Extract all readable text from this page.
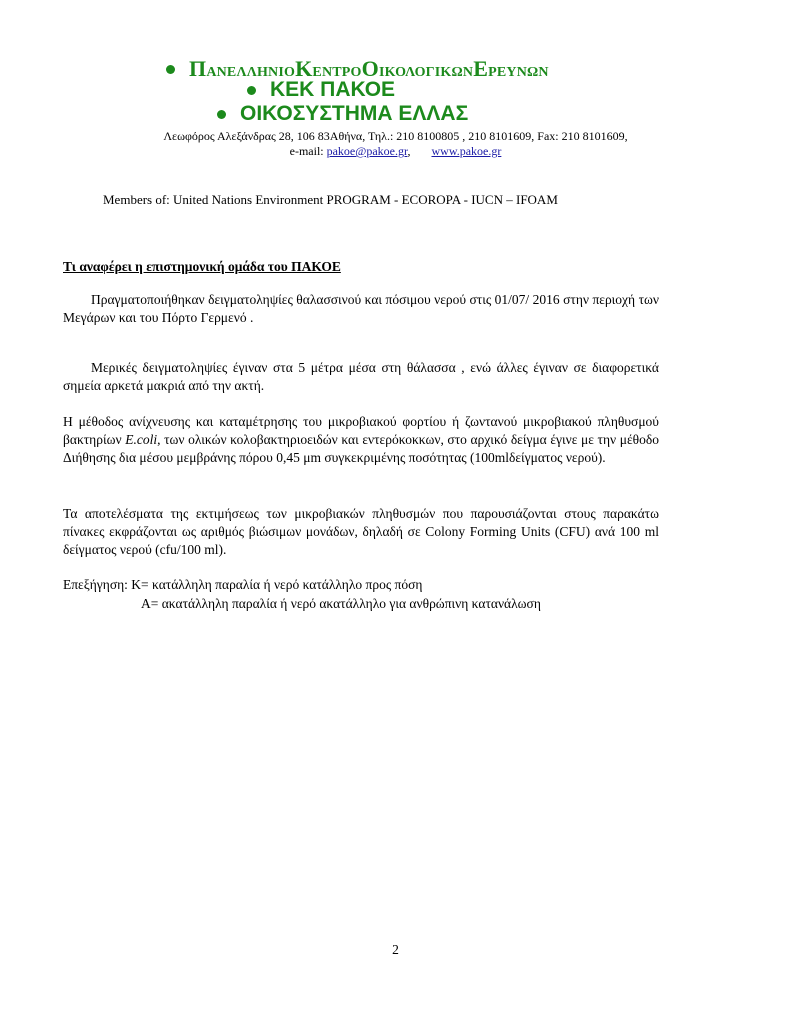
ΠΑΝΕΛΛΗΝΙΟΚΕΝΤΡΟΟΙΚΟΛΟΓΙΚΩΝΕΡΕΥΝΩΝ
ΚΕΚ ΠΑΚΟΕ
ΟΙΚΟΣΥΣΤΗΜΑ ΕΛΛΑΣ
Λεωφόρος Αλεξάνδρας 28, 106 83Αθήνα, Τηλ.: 210 8100805 , 210 8101609, Fax: 210 8101609,
e-mail: pakoe@pakoe.gr,       www.pakoe.gr
Members of: United Nations Environment PROGRAM - ECOROPA - IUCN – IFOAM
Τι αναφέρει η επιστημονική ομάδα του ΠΑΚΟΕ

Πραγματοποιήθηκαν δειγματοληψίες θαλασσινού και πόσιμου νερού στις 01/07/ 2016 στην περιοχή των Μεγάρων και του Πόρτο Γερμενό .

Μερικές δειγματοληψίες έγιναν στα 5 μέτρα μέσα στη θάλασσα , ενώ άλλες έγιναν σε διαφορετικά σημεία αρκετά μακριά από την ακτή.

Η μέθοδος ανίχνευσης και καταμέτρησης του μικροβιακού φορτίου ή ζωντανού μικροβιακού πληθυσμού βακτηρίων E.coli, των ολικών κολοβακτηριοειδών και εντερόκοκκων, στο αρχικό δείγμα έγινε με την μέθοδο Διήθησης δια μέσου μεμβράνης πόρου 0,45 μm συγκεκριμένης ποσότητας (100mlδείγματος νερού).

Τα αποτελέσματα της εκτιμήσεως των μικροβιακών πληθυσμών που παρουσιάζονται στους παρακάτω πίνακες εκφράζονται ως αριθμός βιώσιμων μονάδων, δηλαδή σε Colony Forming Units (CFU) ανά 100 ml δείγματος νερού (cfu/100 ml).

Επεξήγηση: Κ= κατάλληλη παραλία ή νερό κατάλληλο προς πόση
Α= ακατάλληλη παραλία ή νερό ακατάλληλο για ανθρώπινη κατανάλωση
2
